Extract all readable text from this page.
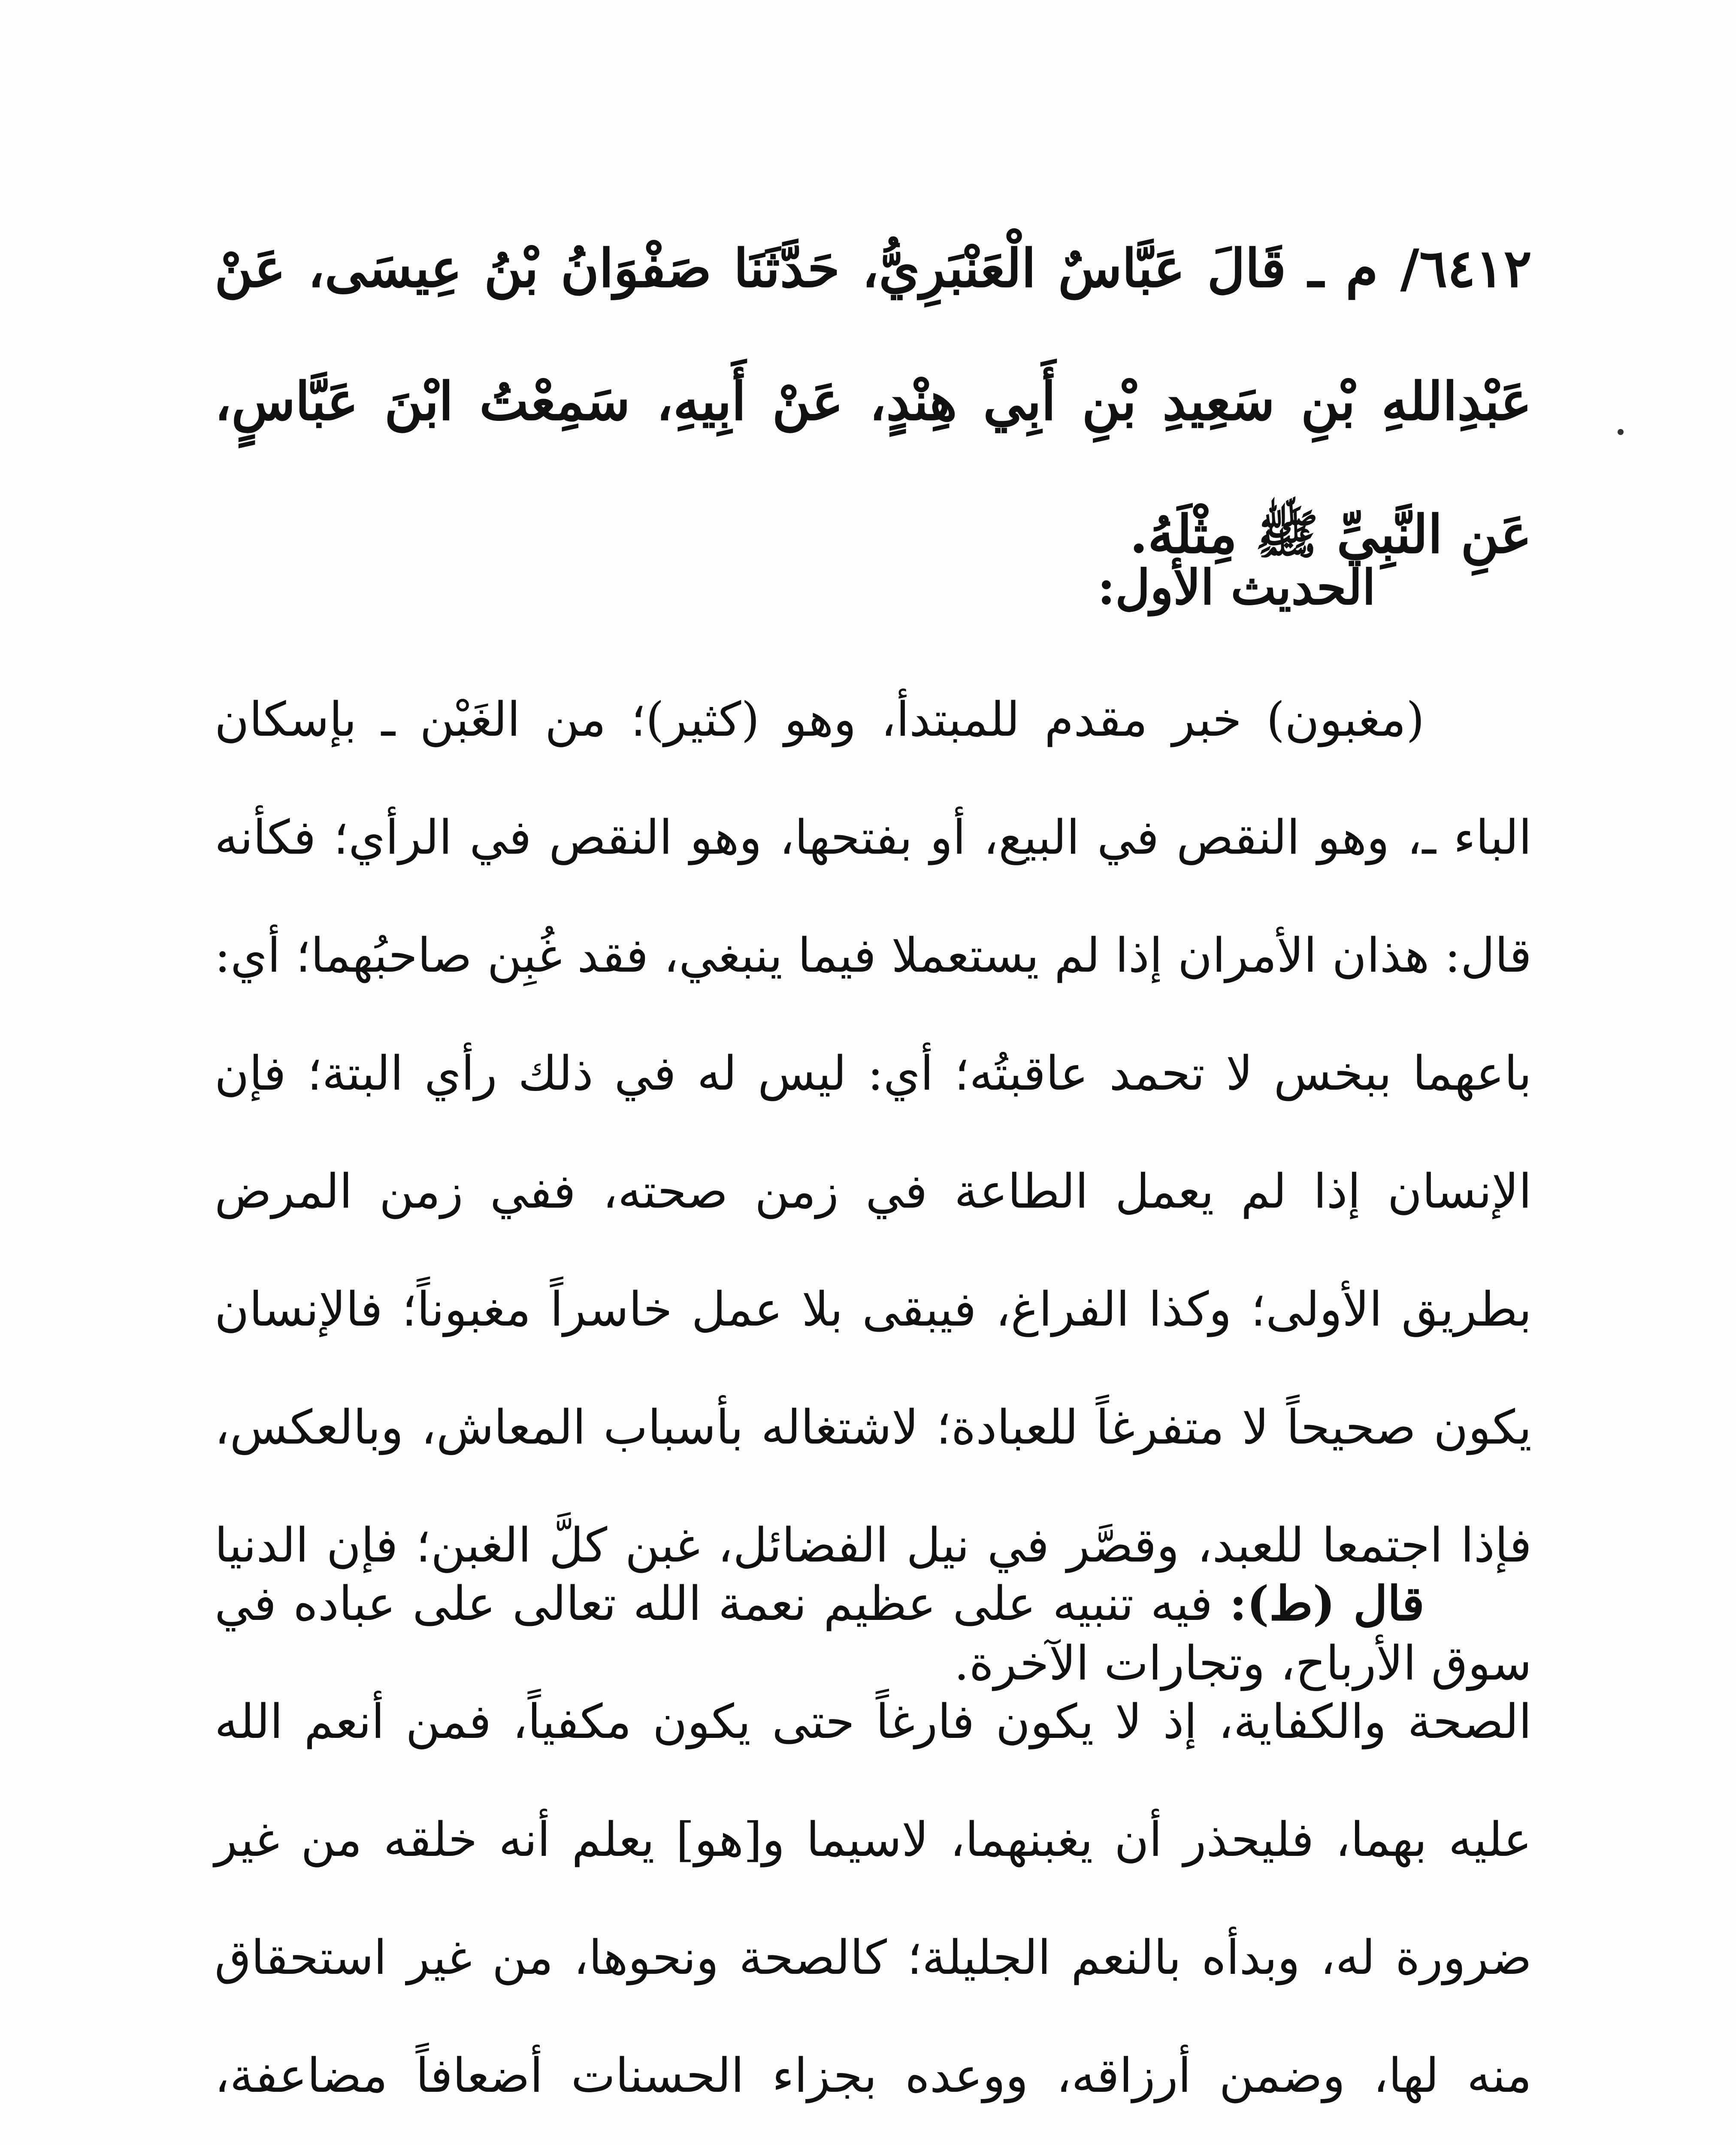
٦٤١٢/ م ـ قَالَ عَبَّاسٌ الْعَنْبَرِيُّ، حَدَّثَنَا صَفْوَانُ بْنُ عِيسَى، عَنْ عَبْدِاللهِ بْنِ سَعِيدِ بْنِ أَبِي هِنْدٍ، عَنْ أَبِيهِ، سَمِعْتُ ابْنَ عَبَّاسٍ، عَنِ النَّبِيِّ ﷺ مِثْلَهُ.

الحديث الأول:

(مغبون) خبر مقدم للمبتدأ، وهو (كثير)؛ من الغَبْن ـ بإسكان الباء ـ، وهو النقص في البيع، أو بفتحها، وهو النقص في الرأي؛ فكأنه قال: هذان الأمران إذا لم يستعملا فيما ينبغي، فقد غُبِن صاحبُهما؛ أي: باعهما ببخس لا تحمد عاقبتُه؛ أي: ليس له في ذلك رأي البتة؛ فإن الإنسان إذا لم يعمل الطاعة في زمن صحته، ففي زمن المرض بطريق الأولى؛ وكذا الفراغ، فيبقى بلا عمل خاسراً مغبوناً؛ فالإنسان يكون صحيحاً لا متفرغاً للعبادة؛ لاشتغاله بأسباب المعاش، وبالعكس، فإذا اجتمعا للعبد، وقصَّر في نيل الفضائل، غبن كلَّ الغبن؛ فإن الدنيا سوق الأرباح، وتجارات الآخرة.

قال (ط): فيه تنبيه على عظيم نعمة الله تعالى على عباده في الصحة والكفاية، إذ لا يكون فارغاً حتى يكون مكفياً، فمن أنعم الله عليه بهما، فليحذر أن يغبنهما، لاسيما و[هو] يعلم أنه خلقه من غير ضرورة له، وبدأه بالنعم الجليلة؛ كالصحة ونحوها، من غير استحقاق منه لها، وضمن أرزاقه، ووعده بجزاء الحسنات أضعافاً مضاعفة،
